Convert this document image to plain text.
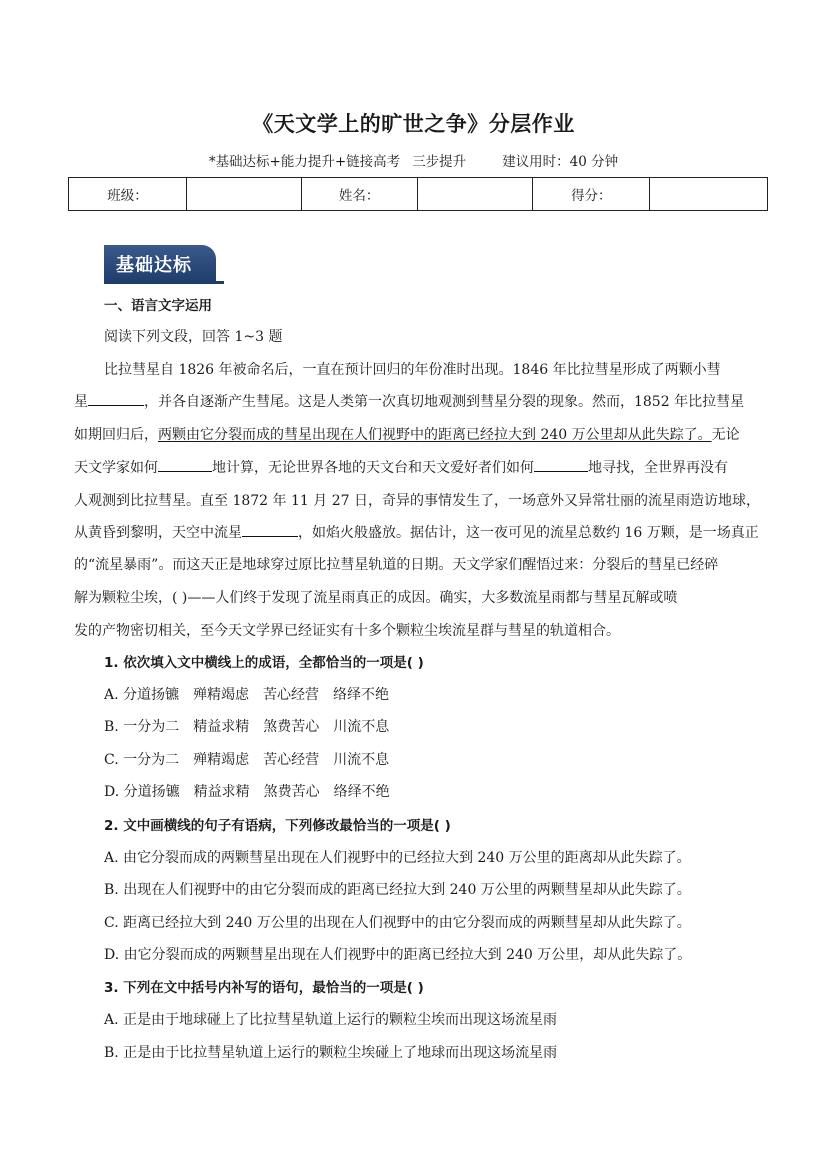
《天文学上的旷世之争》分层作业
*基础达标+能力提升+链接高考 三步提升	建议用时：40 分钟
班级：		姓名：		得分：	
基础达标
一、语言文字运用
阅读下列文段，回答 1~3 题
比拉彗星自 1826 年被命名后，一直在预计回归的年份准时出现。1846 年比拉彗星形成了两颗小彗
星	，并各自逐渐产生彗尾。这是人类第一次真切地观测到彗星分裂的现象。然而，1852 年比拉彗星
如期回归后，两颗由它分裂而成的彗星出现在人们视野中的距离已经拉大到 240 万公里却从此失踪了。无论
天文学家如何	地计算，无论世界各地的天文台和天文爱好者们如何	地寻找，全世界再没有
人观测到比拉彗星。直至 1872 年 11 月 27 日，奇异的事情发生了，一场意外又异常壮丽的流星雨造访地球，
从黄昏到黎明，天空中流星	，如焰火般盛放。据估计，这一夜可见的流星总数约 16 万颗，是一场真正
的“流星暴雨”。而这天正是地球穿过原比拉彗星轨道的日期。天文学家们醒悟过来：分裂后的彗星已经碎
解为颗粒尘埃，( )——人们终于发现了流星雨真正的成因。确实，大多数流星雨都与彗星瓦解或喷
发的产物密切相关，至今天文学界已经证实有十多个颗粒尘埃流星群与彗星的轨道相合。
1. 依次填入文中横线上的成语，全都恰当的一项是( )
A. 分道扬镳 殚精竭虑 苦心经营 络绎不绝
B. 一分为二 精益求精 煞费苦心 川流不息
C. 一分为二 殚精竭虑 苦心经营 川流不息
D. 分道扬镳 精益求精 煞费苦心 络绎不绝
2. 文中画横线的句子有语病，下列修改最恰当的一项是( )
A. 由它分裂而成的两颗彗星出现在人们视野中的已经拉大到 240 万公里的距离却从此失踪了。
B. 出现在人们视野中的由它分裂而成的距离已经拉大到 240 万公里的两颗彗星却从此失踪了。
C. 距离已经拉大到 240 万公里的出现在人们视野中的由它分裂而成的两颗彗星却从此失踪了。
D. 由它分裂而成的两颗彗星出现在人们视野中的距离已经拉大到 240 万公里，却从此失踪了。
3. 下列在文中括号内补写的语句，最恰当的一项是( )
A. 正是由于地球碰上了比拉彗星轨道上运行的颗粒尘埃而出现这场流星雨
B. 正是由于比拉彗星轨道上运行的颗粒尘埃碰上了地球而出现这场流星雨
